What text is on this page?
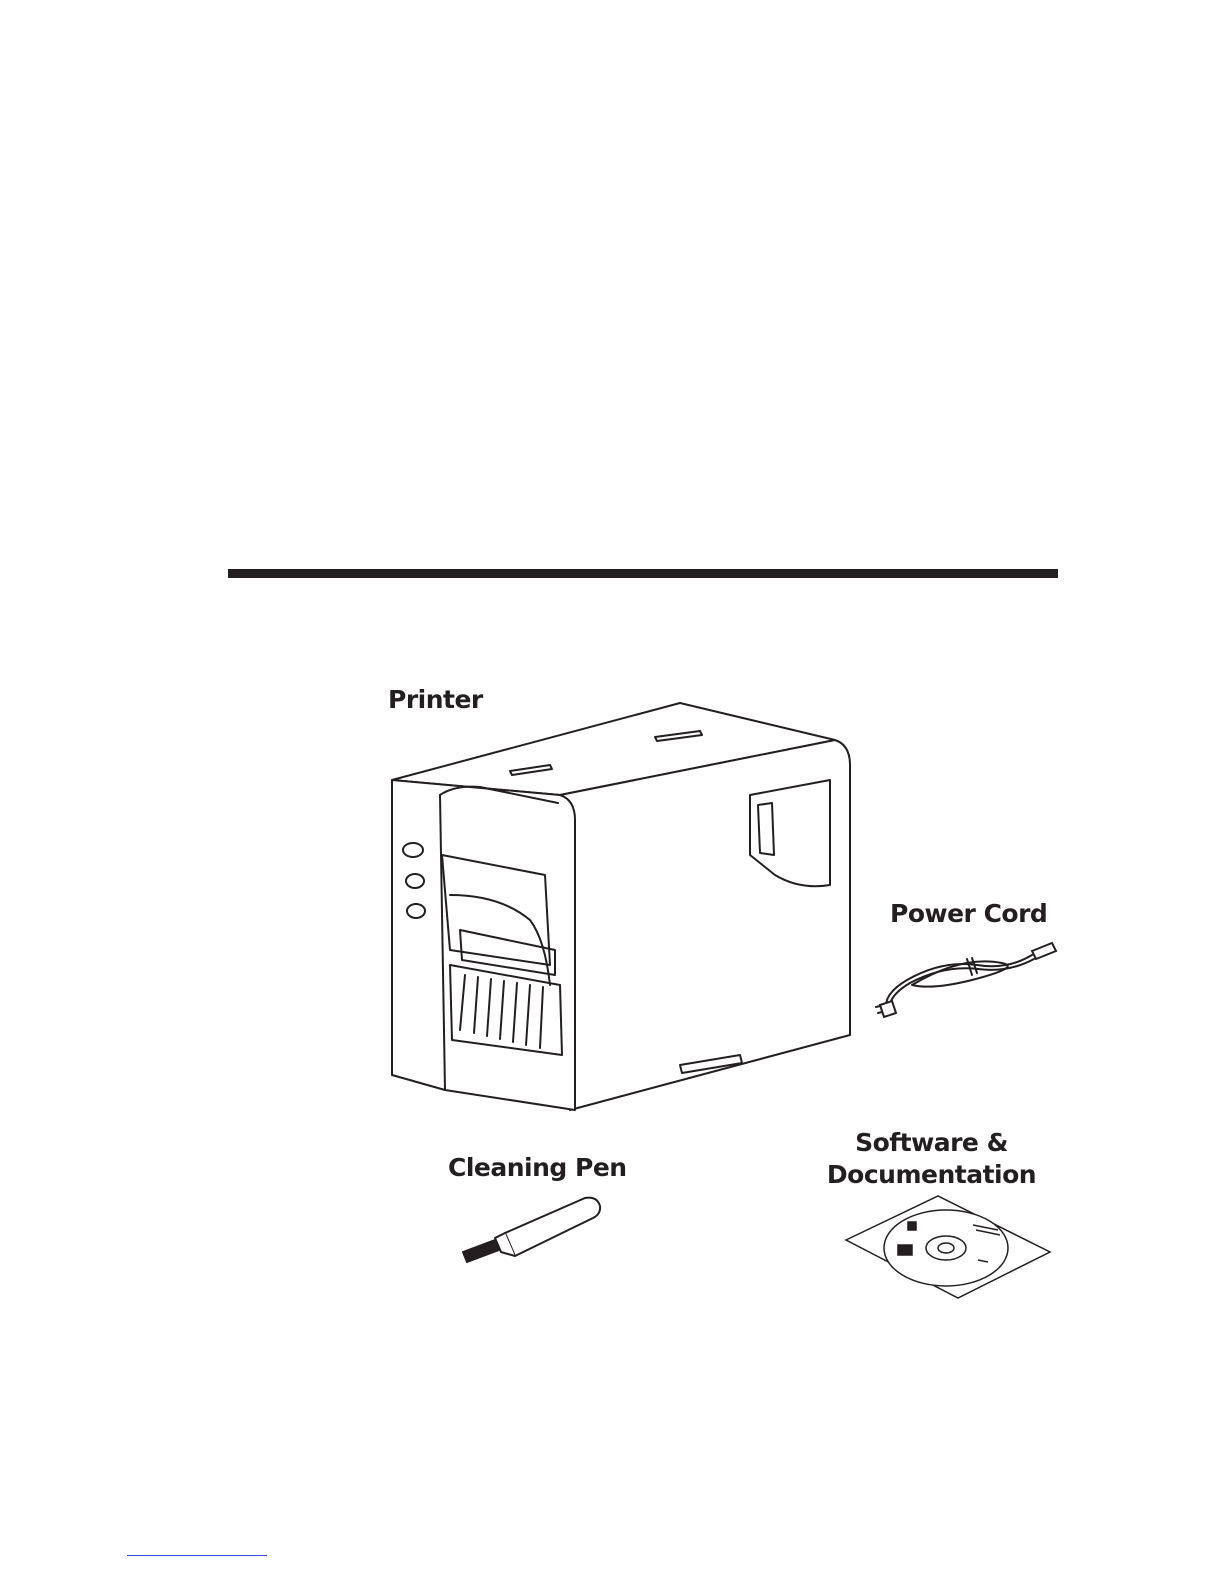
Printer
Power Cord
Cleaning Pen
Software &
Documentation
